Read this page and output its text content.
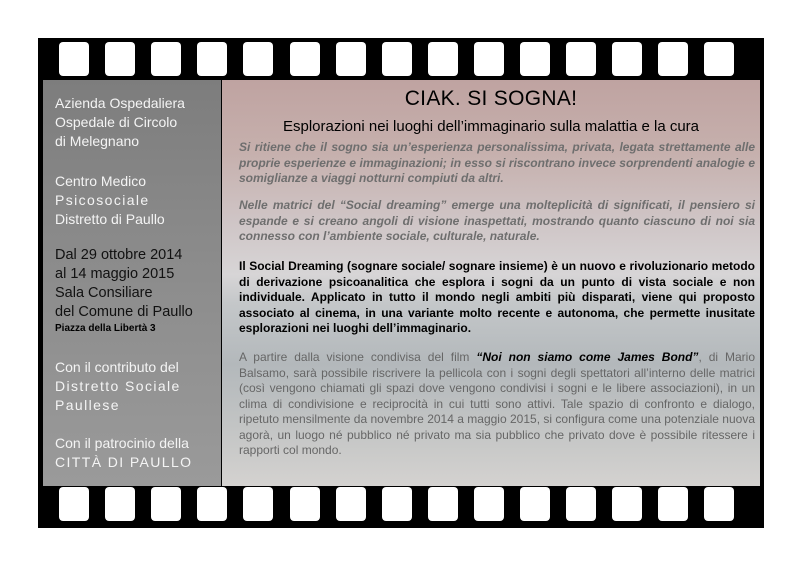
Azienda Ospedaliera
Ospedale di Circolo
di Melegnano
Centro Medico
Psicosociale
Distretto di Paullo
Dal 29 ottobre 2014
al 14 maggio 2015
Sala Consiliare
del Comune di Paullo
Piazza della Libertà 3
Con il contributo del
Distretto Sociale
Paullese
Con il patrocinio della
CITTÀ DI PAULLO
CIAK. SI SOGNA!
Esplorazioni nei luoghi dell’immaginario sulla malattia e la cura
Si ritiene che il sogno sia un’esperienza personalissima, privata, legata strettamente alle proprie esperienze e immaginazioni; in esso si riscontrano invece sorprendenti analogie e somiglianze a viaggi notturni compiuti da altri.
Nelle matrici del “Social dreaming” emerge una molteplicità di significati, il pensiero si espande e si creano angoli di visione inaspettati, mostrando quanto ciascuno di noi sia connesso con l’ambiente sociale, culturale, naturale.
Il Social Dreaming (sognare sociale/ sognare insieme) è un nuovo e rivoluzionario metodo di derivazione psicoanalitica che esplora i sogni da un punto di vista sociale e non individuale. Applicato in tutto il mondo negli ambiti più disparati, viene qui proposto associato al cinema, in una variante molto recente e autonoma, che permette inusitate esplorazioni nei luoghi dell’immaginario.
A partire dalla visione condivisa del film “Noi non siamo come James Bond”, di Mario Balsamo, sarà possibile riscrivere la pellicola con i sogni degli spettatori all’interno delle matrici (così vengono chiamati gli spazi dove vengono condivisi i sogni e le libere associazioni), in un clima di condivisione e reciprocità in cui tutti sono attivi. Tale spazio di confronto e dialogo, ripetuto mensilmente da novembre 2014 a maggio 2015, si configura come una potenziale nuova agorà, un luogo né pubblico né privato ma sia pubblico che privato dove è possibile ritessere i rapporti col mondo.
